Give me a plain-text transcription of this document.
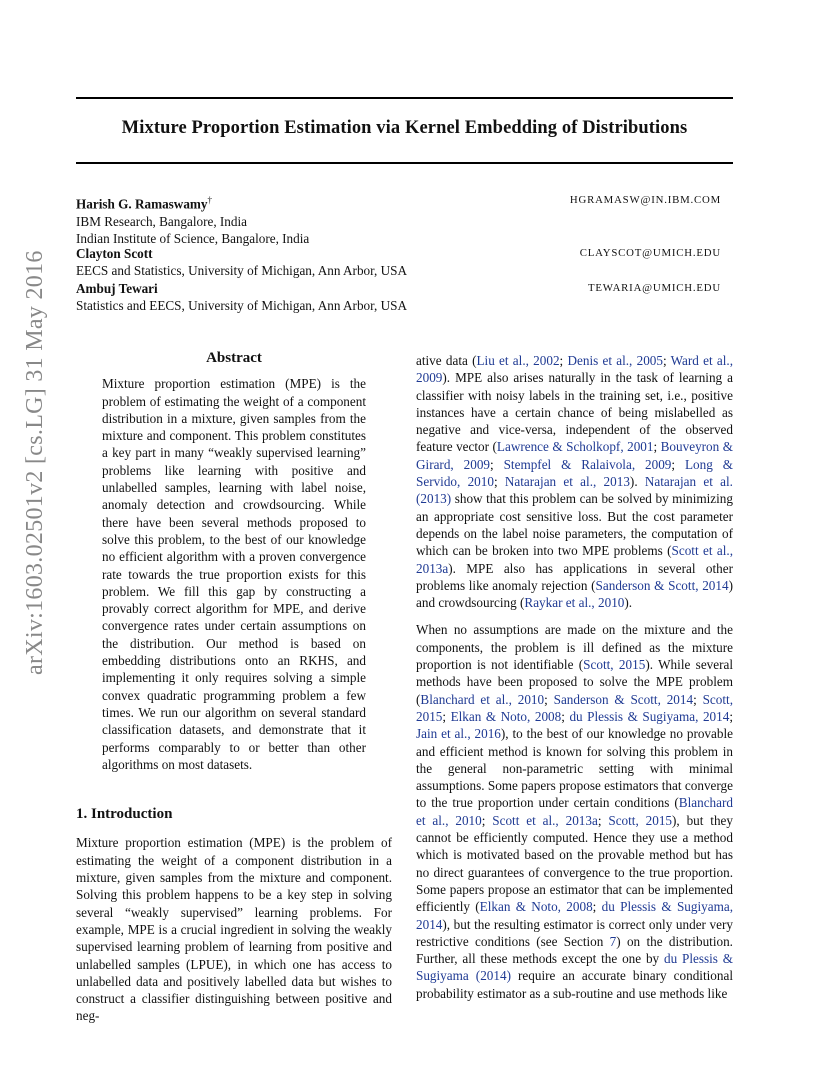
arXiv:1603.02501v2 [cs.LG] 31 May 2016
Mixture Proportion Estimation via Kernel Embedding of Distributions
Harish G. Ramaswamy†	HGRAMASW@IN.IBM.COM
IBM Research, Bangalore, India
Indian Institute of Science, Bangalore, India
Clayton Scott	CLAYSCOT@UMICH.EDU
EECS and Statistics, University of Michigan, Ann Arbor, USA
Ambuj Tewari	TEWARIA@UMICH.EDU
Statistics and EECS, University of Michigan, Ann Arbor, USA
Abstract

Mixture proportion estimation (MPE) is the problem of estimating the weight of a component distribution in a mixture, given samples from the mixture and component. This problem constitutes a key part in many “weakly supervised learning” problems like learning with positive and unlabelled samples, learning with label noise, anomaly detection and crowdsourcing. While there have been several methods proposed to solve this problem, to the best of our knowledge no efficient algorithm with a proven convergence rate towards the true proportion exists for this problem. We fill this gap by constructing a provably correct algorithm for MPE, and derive convergence rates under certain assumptions on the distribution. Our method is based on embedding distributions onto an RKHS, and implementing it only requires solving a simple convex quadratic programming problem a few times. We run our algorithm on several standard classification datasets, and demonstrate that it performs comparably to or better than other algorithms on most datasets.

1. Introduction

Mixture proportion estimation (MPE) is the problem of estimating the weight of a component distribution in a mixture, given samples from the mixture and component. Solving this problem happens to be a key step in solving several “weakly supervised” learning problems. For example, MPE is a crucial ingredient in solving the weakly supervised learning problem of learning from positive and unlabelled samples (LPUE), in which one has access to unlabelled data and positively labelled data but wishes to construct a classifier distinguishing between positive and neg-

ative data (Liu et al., 2002; Denis et al., 2005; Ward et al., 2009). MPE also arises naturally in the task of learning a classifier with noisy labels in the training set, i.e., positive instances have a certain chance of being mislabelled as negative and vice-versa, independent of the observed feature vector (Lawrence & Scholkopf, 2001; Bouveyron & Girard, 2009; Stempfel & Ralaivola, 2009; Long & Servido, 2010; Natarajan et al., 2013). Natarajan et al. (2013) show that this problem can be solved by minimizing an appropriate cost sensitive loss. But the cost parameter depends on the label noise parameters, the computation of which can be broken into two MPE problems (Scott et al., 2013a). MPE also has applications in several other problems like anomaly rejection (Sanderson & Scott, 2014) and crowdsourcing (Raykar et al., 2010).

When no assumptions are made on the mixture and the components, the problem is ill defined as the mixture proportion is not identifiable (Scott, 2015). While several methods have been proposed to solve the MPE problem (Blanchard et al., 2010; Sanderson & Scott, 2014; Scott, 2015; Elkan & Noto, 2008; du Plessis & Sugiyama, 2014; Jain et al., 2016), to the best of our knowledge no provable and efficient method is known for solving this problem in the general non-parametric setting with minimal assumptions. Some papers propose estimators that converge to the true proportion under certain conditions (Blanchard et al., 2010; Scott et al., 2013a; Scott, 2015), but they cannot be efficiently computed. Hence they use a method which is motivated based on the provable method but has no direct guarantees of convergence to the true proportion. Some papers propose an estimator that can be implemented efficiently (Elkan & Noto, 2008; du Plessis & Sugiyama, 2014), but the resulting estimator is correct only under very restrictive conditions (see Section 7) on the distribution. Further, all these methods except the one by du Plessis & Sugiyama (2014) require an accurate binary conditional probability estimator as a sub-routine and use methods like
